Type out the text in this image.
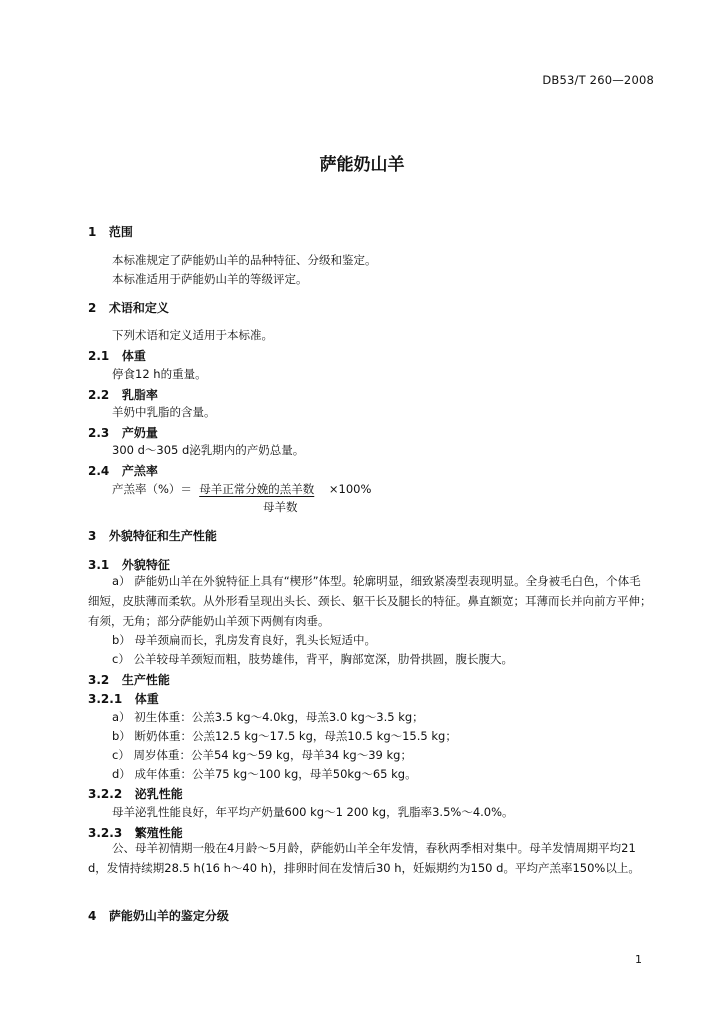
DB53/T 260—2008
萨能奶山羊
1 范围
本标准规定了萨能奶山羊的品种特征、分级和鉴定。
本标准适用于萨能奶山羊的等级评定。
2 术语和定义
下列术语和定义适用于本标准。
2.1 体重
停食12 h的重量。
2.2 乳脂率
羊奶中乳脂的含量。
2.3 产奶量
300 d～305 d泌乳期内的产奶总量。
2.4 产羔率
产羔率（%）＝ 母羊正常分娩的羔羊数 ×100%
母羊数
3 外貌特征和生产性能
3.1 外貌特征
a） 萨能奶山羊在外貌特征上具有“楔形”体型。轮廓明显，细致紧凑型表现明显。全身被毛白色，个体毛细短，皮肤薄而柔软。从外形看呈现出头长、颈长、躯干长及腿长的特征。鼻直额宽；耳薄而长并向前方平伸；有须，无角；部分萨能奶山羊颈下两侧有肉垂。
b） 母羊颈扁而长，乳房发育良好，乳头长短适中。
c） 公羊较母羊颈短而粗，肢势雄伟，背平，胸部宽深，肋骨拱圆，腹长腹大。
3.2 生产性能
3.2.1 体重
a） 初生体重：公羔3.5 kg～4.0kg，母羔3.0 kg～3.5 kg；
b） 断奶体重：公羔12.5 kg～17.5 kg，母羔10.5 kg～15.5 kg；
c） 周岁体重：公羊54 kg～59 kg，母羊34 kg～39 kg；
d） 成年体重：公羊75 kg～100 kg，母羊50kg～65 kg。
3.2.2 泌乳性能
母羊泌乳性能良好，年平均产奶量600 kg～1 200 kg，乳脂率3.5%～4.0%。
3.2.3 繁殖性能
公、母羊初情期一般在4月龄～5月龄，萨能奶山羊全年发情，春秋两季相对集中。母羊发情周期平均21 d，发情持续期28.5 h(16 h～40 h)，排卵时间在发情后30 h，妊娠期约为150 d。平均产羔率150%以上。
4 萨能奶山羊的鉴定分级
1
